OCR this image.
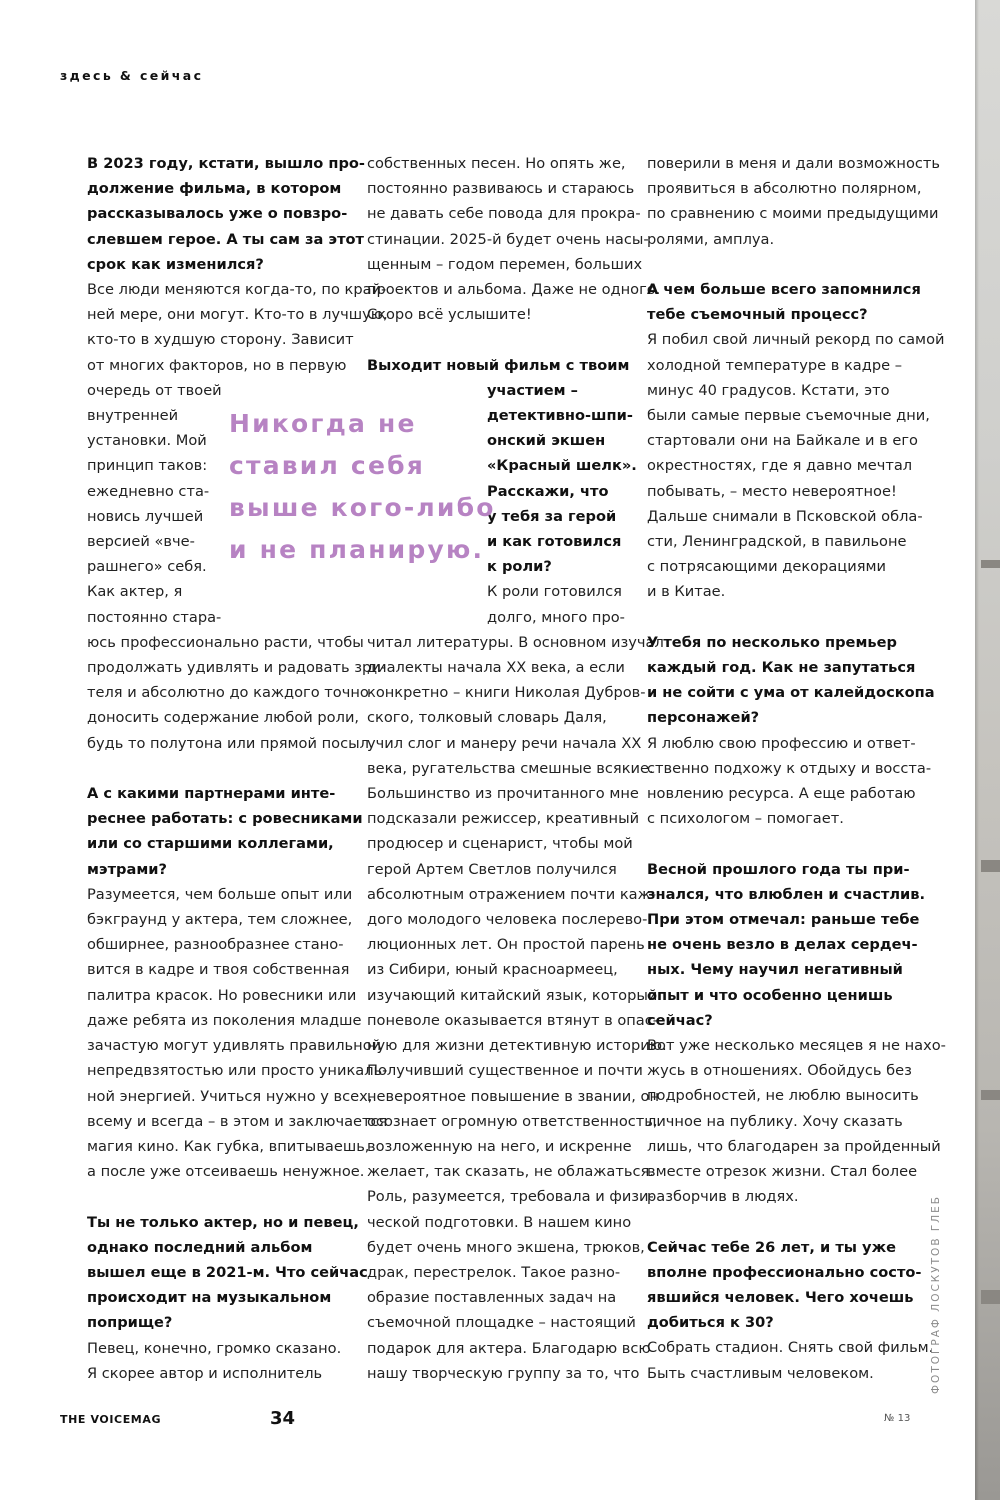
здесь & сейчас
В 2023 году, кстати, вышло про-
должение фильма, в котором
рассказывалось уже о повзро-
слевшем герое. А ты сам за этот
срок как изменился?
Все люди меняются когда-то, по край-
ней мере, они могут. Кто-то в лучшую,
кто-то в худшую сторону. Зависит
от многих факторов, но в первую
очередь от твоей
внутренней
установки. Мой
принцип таков:
ежедневно ста-
новись лучшей
версией «вче-
рашнего» себя.
Как актер, я
постоянно стара-
юсь профессионально расти, чтобы
продолжать удивлять и радовать зри-
теля и абсолютно до каждого точно
доносить содержание любой роли,
будь то полутона или прямой посыл.
А с какими партнерами инте-
реснее работать: с ровесниками
или со старшими коллегами,
мэтрами?
Разумеется, чем больше опыт или
бэкграунд у актера, тем сложнее,
обширнее, разнообразнее стано-
вится в кадре и твоя собственная
палитра красок. Но ровесники или
даже ребята из поколения младше
зачастую могут удивлять правильной
непредвзятостью или просто уникаль-
ной энергией. Учиться нужно у всех,
всему и всегда – в этом и заключается
магия кино. Как губка, впитываешь,
а после уже отсеиваешь ненужное.
Ты не только актер, но и певец,
однако последний альбом
вышел еще в 2021-м. Что сейчас
происходит на музыкальном
поприще?
Певец, конечно, громко сказано.
Я скорее автор и исполнитель
собственных песен. Но опять же,
постоянно развиваюсь и стараюсь
не давать себе повода для прокра-
стинации. 2025-й будет очень насы-
щенным – годом перемен, больших
проектов и альбома. Даже не одного.
Скоро всё услышите!
Выходит новый фильм с твоим
участием –
детективно-шпи-
онский экшен
«Красный шелк».
Расскажи, что
у тебя за герой
и как готовился
к роли?
К роли готовился
долго, много про-
читал литературы. В основном изучал
диалекты начала XX века, а если
конкретно – книги Николая Дубров-
ского, толковый словарь Даля,
учил слог и манеру речи начала XX
века, ругательства смешные всякие.
Большинство из прочитанного мне
подсказали режиссер, креативный
продюсер и сценарист, чтобы мой
герой Артем Светлов получился
абсолютным отражением почти каж-
дого молодого человека послерево-
люционных лет. Он простой парень
из Сибири, юный красноармеец,
изучающий китайский язык, который
поневоле оказывается втянут в опас-
ную для жизни детективную историю.
Получивший существенное и почти
невероятное повышение в звании, он
осознает огромную ответственность,
возложенную на него, и искренне
желает, так сказать, не облажаться.
Роль, разумеется, требовала и физи-
ческой подготовки. В нашем кино
будет очень много экшена, трюков,
драк, перестрелок. Такое разно-
образие поставленных задач на
съемочной площадке – настоящий
подарок для актера. Благодарю всю
нашу творческую группу за то, что
поверили в меня и дали возможность
проявиться в абсолютно полярном,
по сравнению с моими предыдущими
ролями, амплуа.
А чем больше всего запомнился
тебе съемочный процесс?
Я побил свой личный рекорд по самой
холодной температуре в кадре –
минус 40 градусов. Кстати, это
были самые первые съемочные дни,
стартовали они на Байкале и в его
окрестностях, где я давно мечтал
побывать, – место невероятное!
Дальше снимали в Псковской обла-
сти, Ленинградской, в павильоне
с потрясающими декорациями
и в Китае.
У тебя по несколько премьер
каждый год. Как не запутаться
и не сойти с ума от калейдоскопа
персонажей?
Я люблю свою профессию и ответ-
ственно подхожу к отдыху и восста-
новлению ресурса. А еще работаю
с психологом – помогает.
Весной прошлого года ты при-
знался, что влюблен и счастлив.
При этом отмечал: раньше тебе
не очень везло в делах сердеч-
ных. Чему научил негативный
опыт и что особенно ценишь
сейчас?
Вот уже несколько месяцев я не нахо-
жусь в отношениях. Обойдусь без
подробностей, не люблю выносить
личное на публику. Хочу сказать
лишь, что благодарен за пройденный
вместе отрезок жизни. Стал более
разборчив в людях.
Сейчас тебе 26 лет, и ты уже
вполне профессионально состо-
явшийся человек. Чего хочешь
добиться к 30?
Собрать стадион. Снять свой фильм.
Быть счастливым человеком.
Никогда не
ставил себя
выше кого-либо
и не планирую.
THE VOICEMAG	34	№ 13
ФОТОГРАФ ЛОСКУТОВ ГЛЕБ
